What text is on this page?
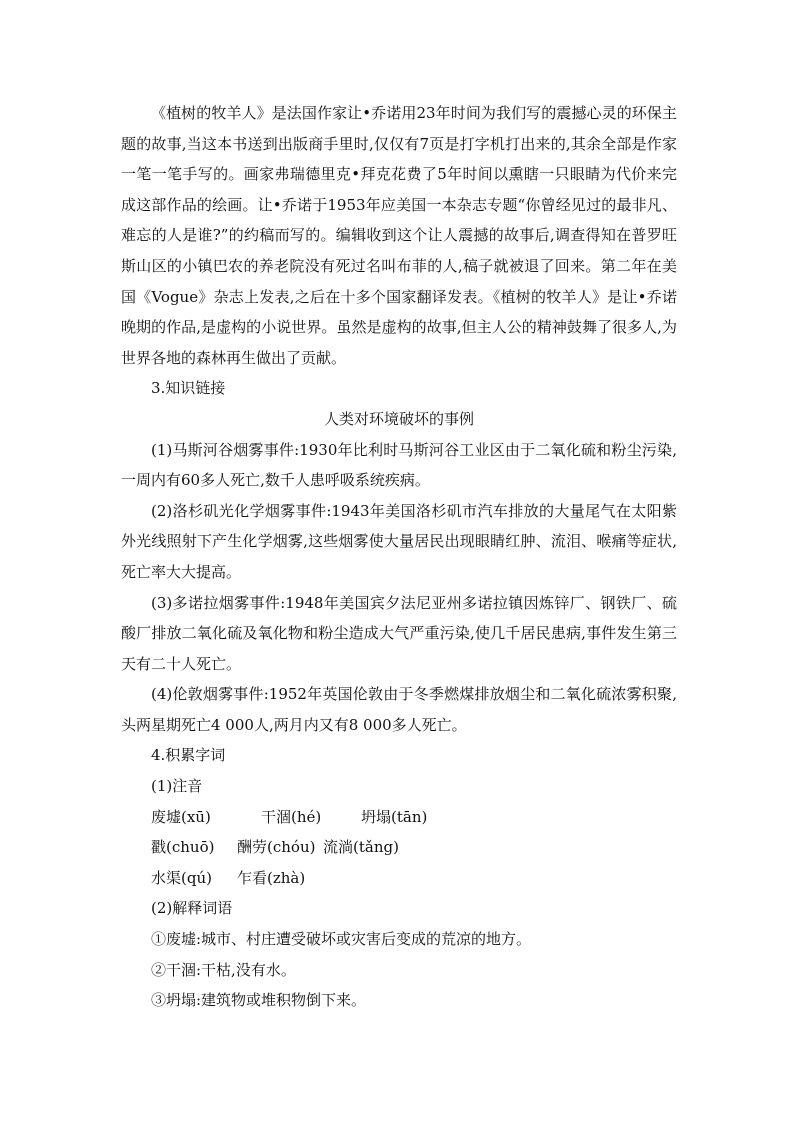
《植树的牧羊人》是法国作家让•乔诺用23年时间为我们写的震撼心灵的环保主题的故事,当这本书送到出版商手里时,仅仅有7页是打字机打出来的,其余全部是作家一笔一笔手写的。画家弗瑞德里克•拜克花费了5年时间以熏瞎一只眼睛为代价来完成这部作品的绘画。让•乔诺于1953年应美国一本杂志专题“你曾经见过的最非凡、难忘的人是谁?”的约稿而写的。编辑收到这个让人震撼的故事后,调查得知在普罗旺斯山区的小镇巴农的养老院没有死过名叫布菲的人,稿子就被退了回来。第二年在美国《Vogue》杂志上发表,之后在十多个国家翻译发表。《植树的牧羊人》是让•乔诺晚期的作品,是虚构的小说世界。虽然是虚构的故事,但主人公的精神鼓舞了很多人,为世界各地的森林再生做出了贡献。

3.知识链接

人类对环境破坏的事例

(1)马斯河谷烟雾事件:1930年比利时马斯河谷工业区由于二氧化硫和粉尘污染,一周内有60多人死亡,数千人患呼吸系统疾病。

(2)洛杉矶光化学烟雾事件:1943年美国洛杉矶市汽车排放的大量尾气在太阳紫外光线照射下产生化学烟雾,这些烟雾使大量居民出现眼睛红肿、流泪、喉痛等症状,死亡率大大提高。

(3)多诺拉烟雾事件:1948年美国宾夕法尼亚州多诺拉镇因炼锌厂、钢铁厂、硫酸厂排放二氧化硫及氧化物和粉尘造成大气严重污染,使几千居民患病,事件发生第三天有二十人死亡。

(4)伦敦烟雾事件:1952年英国伦敦由于冬季燃煤排放烟尘和二氧化硫浓雾积聚,头两星期死亡4 000人,两月内又有8 000多人死亡。

4.积累字词

(1)注音

废墟(xū)	干涸(hé)	坍塌(tān)

戳(chuō) 酬劳(chóu) 流淌(tǎng)

水渠(qú) 乍看(zhà)

(2)解释词语

①废墟:城市、村庄遭受破坏或灾害后变成的荒凉的地方。

②干涸:干枯,没有水。

③坍塌:建筑物或堆积物倒下来。
